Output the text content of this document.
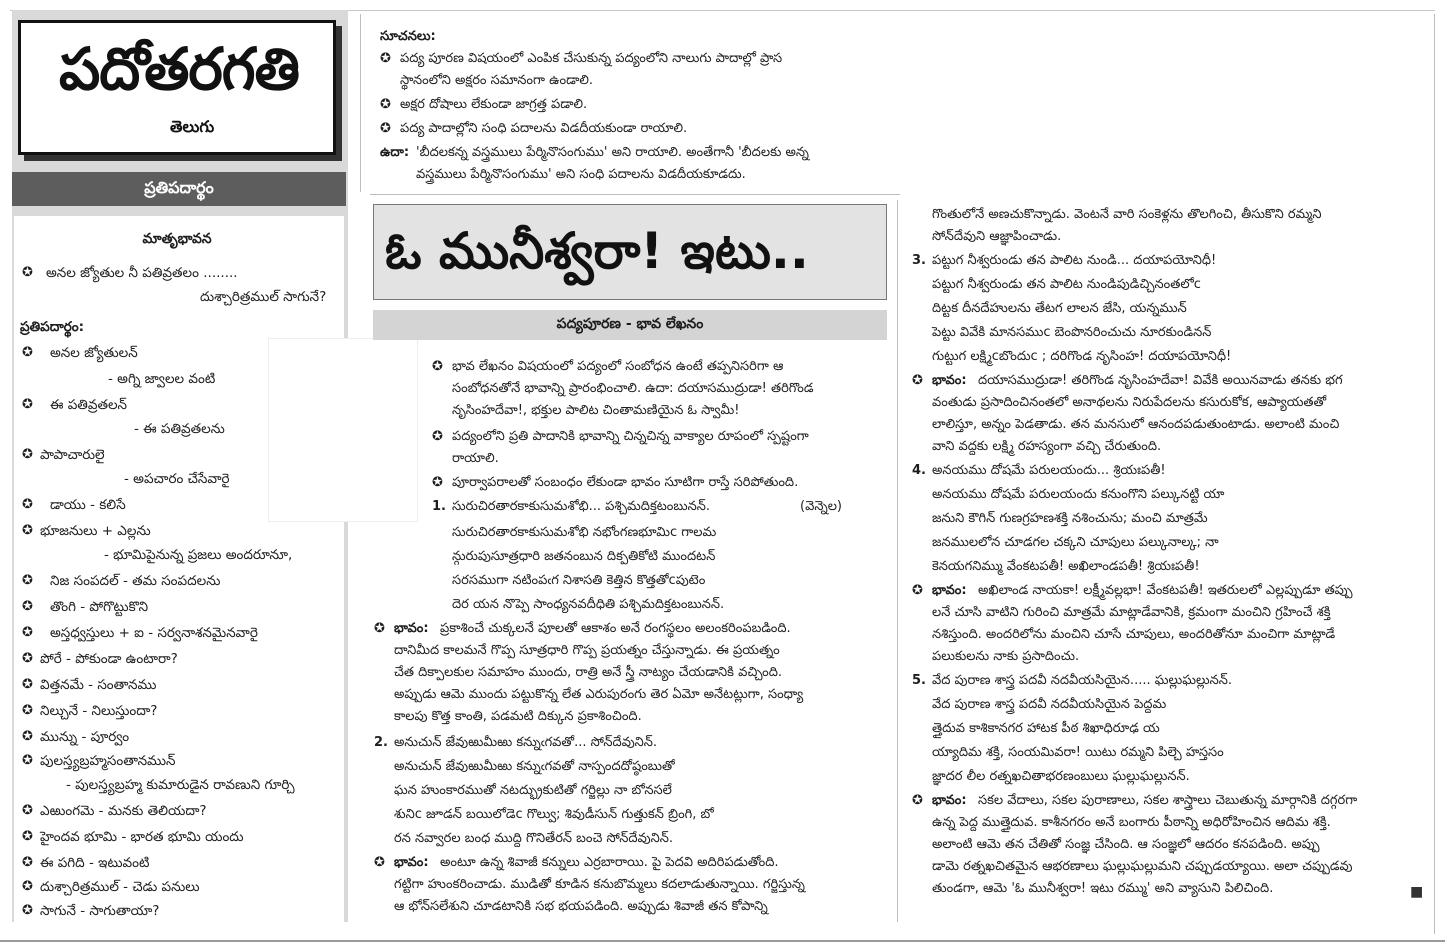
పదోతరగతి
తెలుగు
ప్రతిపదార్థం
మాతృభావన
✪ అనల జ్యోతుల నీ పతివ్రతలం ........
దుశ్చారిత్రముల్ సాగునే?
ప్రతిపదార్థం:
✪ అనల జ్యోతులన్
- అగ్ని జ్వాలల వంటి
✪ ఈ పతివ్రతలన్
- ఈ పతివ్రతలను
✪ పాపాచారులై
- అపచారం చేసేవారై
✪ డాయు - కలిసే
✪ భూజనులు + ఎల్లను
- భూమిపైనున్న ప్రజలు అందరూనూ,
✪ నిజ సంపదల్ - తమ సంపదలను
✪ తొంగి - పోగొట్టుకొని
✪ అస్తధ్వస్తులు + ఐ - సర్వనాశనమైనవారై
✪ పోరే - పోకుండా ఉంటారా?
✪ విత్తనమే - సంతానము
✪ నిల్చునే - నిలుస్తుందా?
✪ మున్ను - పూర్వం
✪ పులస్త్యబ్రహ్మసంతానమున్
- పులస్త్యబ్రహ్మ కుమారుడైన రావణుని గూర్చి
✪ ఎఱుంగమె - మనకు తెలియదా?
✪ హైందవ భూమి - భారత భూమి యందు
✪ ఈ పగిది - ఇటువంటి
✪ దుశ్చారిత్రముల్ - చెడు పనులు
✪ సాగునే - సాగుతాయా?
సూచనలు:
✪ పద్య పూరణ విషయంలో ఎంపిక చేసుకున్న పద్యంలోని నాలుగు పాదాల్లో ప్రాస
స్థానంలోని అక్షరం సమానంగా ఉండాలి.
✪ అక్షర దోషాలు లేకుండా జాగ్రత్త పడాలి.
✪ పద్య పాదాల్లోని సంధి పదాలను విడదీయకుండా రాయాలి.
ఉదా: 'బీదలకన్న వస్త్రములు పేర్మినొసంగుము' అని రాయాలి. అంతేగానీ 'బీదలకు అన్న
వస్త్రములు పేర్మినొసంగుము' అని సంధి పదాలను విడదీయకూడదు.
ఓ మునీశ్వరా! ఇటు..
పద్యపూరణ - భావ లేఖనం
✪ భావ లేఖనం విషయంలో పద్యంలో సంబోధన ఉంటే తప్పనిసరిగా ఆ
సంబోధనతోనే భావాన్ని ప్రారంభించాలి. ఉదా: దయాసముద్రుడా! తరిగొండ
నృసింహదేవా!, భక్తుల పాలిట చింతామణియైన ఓ స్వామీ!
✪ పద్యంలోని ప్రతి పాదానికి భావాన్ని చిన్నచిన్న వాక్యాల రూపంలో స్పష్టంగా
రాయాలి.
✪ పూర్వాపరాలతో సంబంధం లేకుండా భావం సూటిగా రాస్తే సరిపోతుంది.
1. సురుచిరతారకాకుసుమశోభి... పశ్చిమదిక్తటంబునన్.	(వెన్నెల)
సురుచిరతారకాకుసుమశోభి నభోంగణభూమిc గాలమ
న్గురుపుసూత్రధారి జతనంబున దిక్పతికోటి ముందటన్
సరసముగా నటింపఁగ నిశాసతి కెత్తిన కొత్తతోcపుటెం
దెర యన నొప్పె సాంధ్యనవదీధితి పశ్చిమదిక్తటంబునన్.
✪ భావం: ప్రకాశించే చుక్కలనే పూలతో ఆకాశం అనే రంగస్థలం అలంకరింపబడింది.
దానిమీద కాలమనే గొప్ప సూత్రధారి గొప్ప ప్రయత్నం చేస్తున్నాడు. ఈ ప్రయత్నం
చేత దిక్పాలకుల సమాహం ముందు, రాత్రి అనే స్త్రీ నాట్యం చేయడానికి వచ్చింది.
అప్పుడు ఆమె ముందు పట్టుకొన్న లేత ఎరుపురంగు తెర ఏమో అనేటట్లుగా, సంధ్యా
కాలపు కొత్త కాంతి, పడమటి దిక్కున ప్రకాశించింది.
2. అనుచున్ జేవుఱుమీఱు కన్నుఁగవతో... సోన్‌దేవునిన్.
అనుచున్ జేవుఱుమీఱు కన్నుఁగవతో నాస్పందదోష్ఠంబుతో
ఘన హుంకారముతో నటద్భ్రుకుటితో గర్జిల్లు నా బోనసలే
శునిc జూడన్ బయిలోడెc గొల్వు; శివుడీసున్ గుత్తుకన్ బ్రింగి, బో
రన నవ్వారల బంధ ముద్ది గొనితేరన్ బంచె సోన్‌దేవునిన్.
✪ భావం: అంటూ ఉన్న శివాజీ కన్నులు ఎర్రబారాయి. పై పెదవి అదిరిపడుతోంది.
గట్టిగా హుంకరించాడు. ముడితో కూడిన కనుబొమ్మలు కదలాడుతున్నాయి. గర్జిస్తున్న
ఆ భోన్‌సలేశుని చూడటానికి సభ భయపడింది. అప్పుడు శివాజీ తన కోపాన్ని
గొంతులోనే అణచుకొన్నాడు. వెంటనే వారి సంకెళ్లను తొలగించి, తీసుకొని రమ్మని
సోన్‌దేవుని ఆజ్ఞాపించాడు.
3. పట్టుగ నీశ్వరుండు తన పాలిట నుండి... దయాపయోనిధీ!
పట్టుగ నీశ్వరుండు తన పాలిట నుండిపుడిచ్చినంతలోc
దిట్టక దీనదేహులను తేటగ లాలన జేసి, యన్నమున్
పెట్టు వివేకి మానసముc బెంపొనరించుచు నూరకుండినన్
గుట్టుగ లక్ష్మిcబొందుc ; దరిగొండ నృసింహ! దయాపయోనిధీ!
✪ భావం: దయాసముద్రుడా! తరిగొండ నృసింహదేవా! వివేకి అయినవాడు తనకు భగ
వంతుడు ప్రసాదించినంతలో అనాథలను నిరుపేదలను కసురుకోక, ఆప్యాయతతో
లాలిస్తూ, అన్నం పెడతాడు. తన మనసులో ఆనందపడుతుంటాడు. అలాంటి మంచి
వాని వద్దకు లక్ష్మి రహస్యంగా వచ్చి చేరుతుంది.
4. అనయము దోషమే పరులయందు... శ్రియఃపతీ!
అనయము దోషమే పరులయందు కనుంగొని పల్కునట్టి యా
జనుని కౌగిన్ గుణగ్రహణశక్తి నశించును; మంచి మాత్రమే
జనములలోన చూడగల చక్కని చూపులు పల్కునాల్క; నా
కెనయగనిమ్ము వేంకటపతీ! అఖిలాండపతీ! శ్రియఃపతీ!
✪ భావం: అఖిలాండ నాయకా! లక్ష్మీవల్లభా! వేంకటపతీ! ఇతరులలో ఎల్లప్పుడూ తప్పు
లనే చూసి వాటిని గురించి మాత్రమే మాట్లాడేవానికి, క్రమంగా మంచిని గ్రహించే శక్తి
నశిస్తుంది. అందరిలోను మంచిని చూసే చూపులు, అందరితోనూ మంచిగా మాట్లాడే
పలుకులను నాకు ప్రసాదించు.
5. వేద పురాణ శాస్త్ర పదవీ నదవీయసియైన..... ఘల్లుఘల్లునన్.
వేద పురాణ శాస్త్ర పదవీ నదవీయసియైన పెద్దమ
త్తైదువ కాశికానగర హాటక పీఠ శిఖాధిరూఢ య
య్యాదిమ శక్తి, సంయమివరా! యిటు రమ్మని పిల్చె హస్తసం
జ్ఞాదర లీల రత్నఖచితాభరణంబులు ఘల్లుఘల్లునన్.
✪ భావం: సకల వేదాలు, సకల పురాణాలు, సకల శాస్త్రాలు చెబుతున్న మార్గానికి దగ్గరగా
ఉన్న పెద్ద ముత్తైదువ. కాశీనగరం అనే బంగారు పీఠాన్ని అధిరోహించిన ఆదిమ శక్తి.
అలాంటి ఆమె తన చేతితో సంజ్ఞ చేసింది. ఆ సంజ్ఞలో ఆదరం కనపడింది. అప్పు
డామె రత్నఖచితమైన ఆభరణాలు ఘల్లుఘల్లుమని చప్పుడయ్యాయి. అలా చప్పుడవు
తుండగా, ఆమె 'ఓ మునీశ్వరా! ఇటు రమ్ము' అని వ్యాసుని పిలిచింది.	■
